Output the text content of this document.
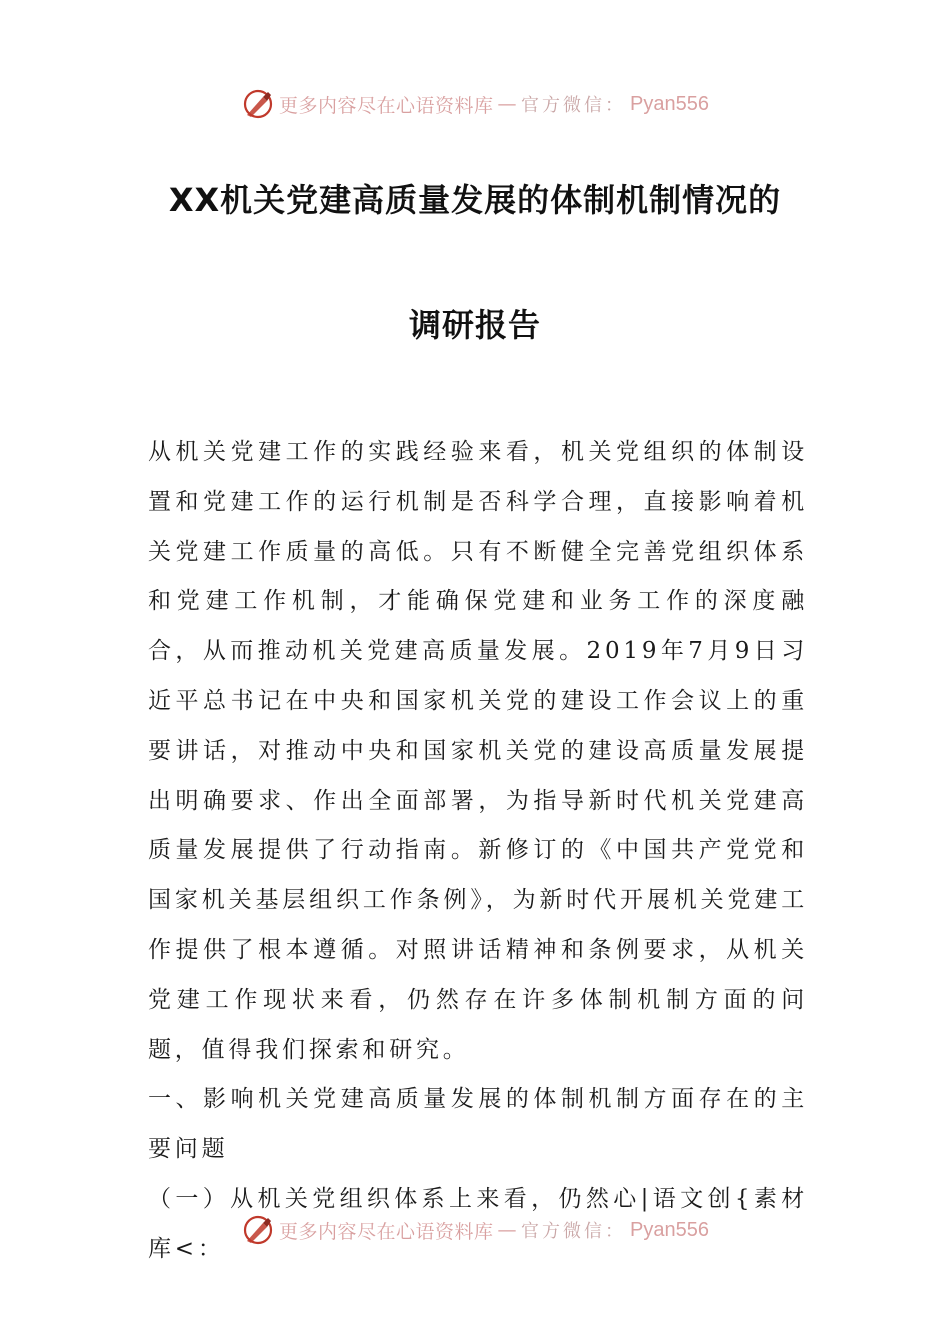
更多内容尽在心语资料库 — 官方微信： Pyan556
XX机关党建高质量发展的体制机制情况的
调研报告

从机关党建工作的实践经验来看，机关党组织的体制设置和党建工作的运行机制是否科学合理，直接影响着机关党建工作质量的高低。只有不断健全完善党组织体系和党建工作机制，才能确保党建和业务工作的深度融合，从而推动机关党建高质量发展。2019年7月9日习近平总书记在中央和国家机关党的建设工作会议上的重要讲话，对推动中央和国家机关党的建设高质量发展提出明确要求、作出全面部署，为指导新时代机关党建高质量发展提供了行动指南。新修订的《中国共产党党和国家机关基层组织工作条例》，为新时代开展机关党建工作提供了根本遵循。对照讲话精神和条例要求，从机关党建工作现状来看，仍然存在许多体制机制方面的问题，值得我们探索和研究。

一、影响机关党建高质量发展的体制机制方面存在的主要问题

（一）从机关党组织体系上来看，仍然心|语文创{素材库<：

更多内容尽在心语资料库 — 官方微信： Pyan556
